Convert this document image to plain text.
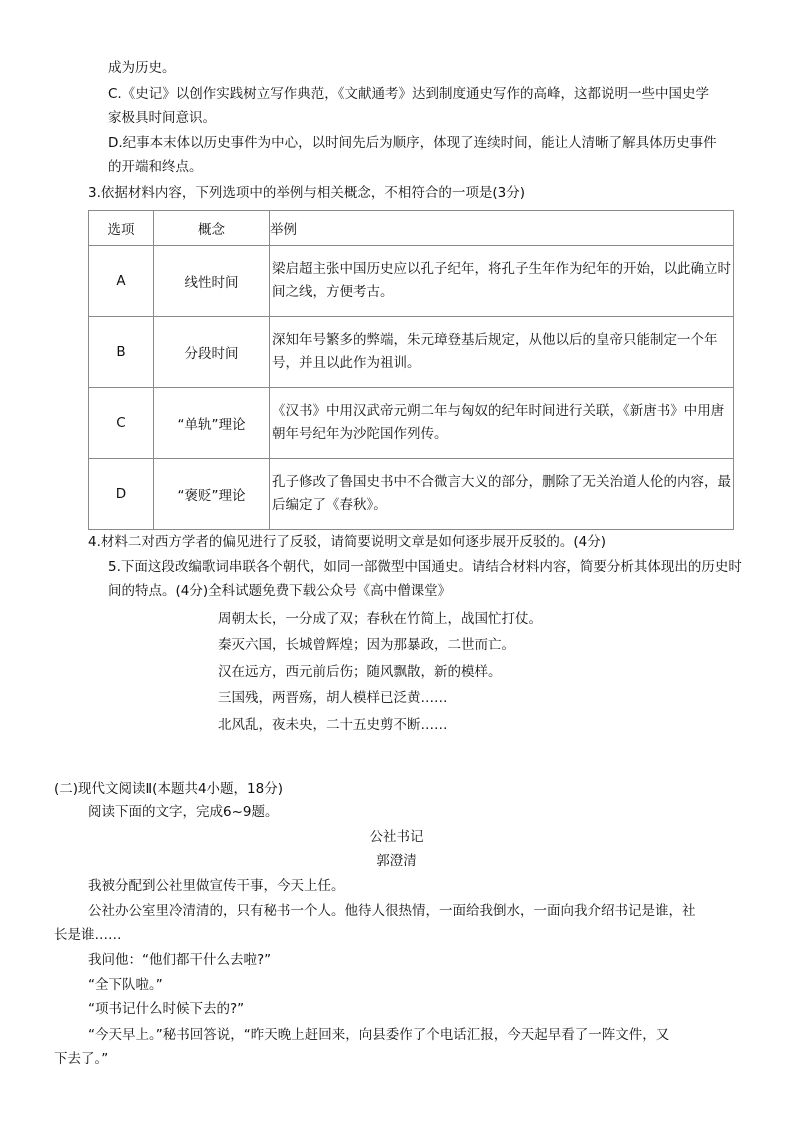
成为历史。
C.《史记》以创作实践树立写作典范，《文献通考》达到制度通史写作的高峰，这都说明一些中国史学
家极具时间意识。
D.纪事本末体以历史事件为中心，以时间先后为顺序，体现了连续时间，能让人清晰了解具体历史事件
的开端和终点。
3.依据材料内容，下列选项中的举例与相关概念，不相符合的一项是(3分)
选项	概念	举例
A	线性时间	梁启超主张中国历史应以孔子纪年，将孔子生年作为纪年的开始，以此确立时间之线，方便考古。
B	分段时间	深知年号繁多的弊端，朱元璋登基后规定，从他以后的皇帝只能制定一个年号，并且以此作为祖训。
C	“单轨”理论	《汉书》中用汉武帝元朔二年与匈奴的纪年时间进行关联，《新唐书》中用唐朝年号纪年为沙陀国作列传。
D	“褒贬”理论	孔子修改了鲁国史书中不合微言大义的部分，删除了无关治道人伦的内容，最后编定了《春秋》。
4.材料二对西方学者的偏见进行了反驳，请简要说明文章是如何逐步展开反驳的。(4分)
5.下面这段改编歌词串联各个朝代，如同一部微型中国通史。请结合材料内容，简要分析其体现出的历史时
间的特点。(4分)全科试题免费下载公众号《高中僧课堂》
周朝太长，一分成了双；春秋在竹简上，战国忙打仗。
秦灭六国，长城曾辉煌；因为那暴政，二世而亡。
汉在远方，西元前后伤；随风飘散，新的模样。
三国残，两晋殇，胡人模样已泛黄……
北风乱，夜未央，二十五史剪不断……
(二)现代文阅读Ⅱ(本题共4小题，18分)
阅读下面的文字，完成6~9题。
公社书记
郭澄清
我被分配到公社里做宣传干事，今天上任。
公社办公室里冷清清的，只有秘书一个人。他待人很热情，一面给我倒水，一面向我介绍书记是谁，社
长是谁……
我问他：“他们都干什么去啦?”
“全下队啦。”
“项书记什么时候下去的?”
“今天早上。”秘书回答说，“昨天晚上赶回来，向县委作了个电话汇报，今天起早看了一阵文件，又
下去了。”
